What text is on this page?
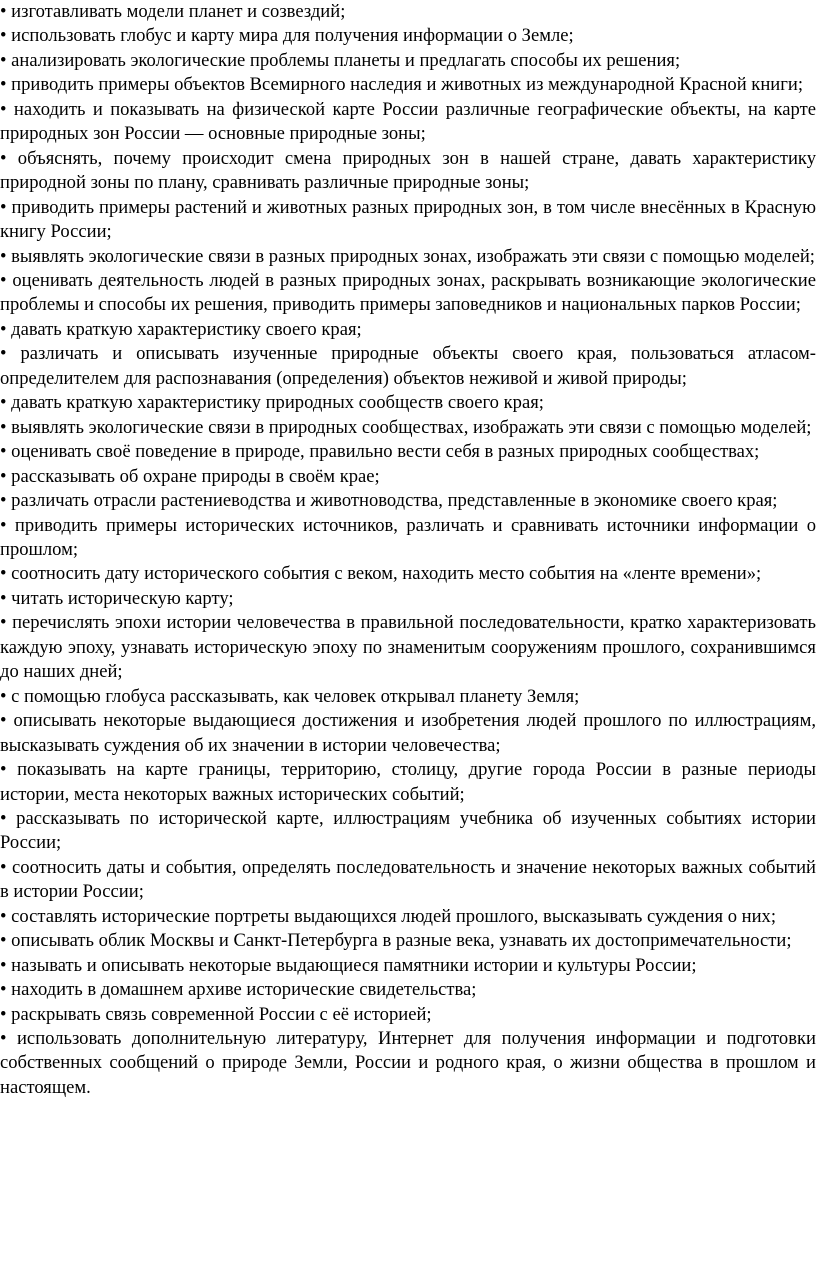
• изготавливать модели планет и созвездий;

• использовать глобус и карту мира для получения информации о Земле;

• анализировать экологические проблемы планеты и предлагать способы их решения;

• приводить примеры объектов Всемирного наследия и животных из международной Красной книги;

• находить и показывать на физической карте России различные географические объекты, на карте природных зон России — основные природные зоны;

• объяснять, почему происходит смена природных зон в нашей стране, давать характеристику природной зоны по плану, сравнивать различные природные зоны;

• приводить примеры растений и животных разных природных зон, в том числе внесённых в Красную книгу России;

• выявлять экологические связи в разных природных зонах, изображать эти связи с помощью моделей;

• оценивать деятельность людей в разных природных зонах, раскрывать возникающие экологические проблемы и способы их решения, приводить примеры заповедников и национальных парков России;

• давать краткую характеристику своего края;

• различать и описывать изученные природные объекты своего края, пользоваться атласом-определителем для распознавания (определения) объектов неживой и живой природы;

• давать краткую характеристику природных сообществ своего края;

• выявлять экологические связи в природных сообществах, изображать эти связи с помощью моделей;

• оценивать своё поведение в природе, правильно вести себя в разных природных сообществах;

• рассказывать об охране природы в своём крае;

• различать отрасли растениеводства и животноводства, представленные в экономике своего края;

• приводить примеры исторических источников, различать и сравнивать источники информации о прошлом;

• соотносить дату исторического события с веком, находить место события на «ленте времени»;

• читать историческую карту;

• перечислять эпохи истории человечества в правильной последовательности, кратко характеризовать каждую эпоху, узнавать историческую эпоху по знаменитым сооружениям прошлого, сохранившимся до наших дней;

• с помощью глобуса рассказывать, как человек открывал планету Земля;

• описывать некоторые выдающиеся достижения и изобретения людей прошлого по иллюстрациям, высказывать суждения об их значении в истории человечества;

• показывать на карте границы, территорию, столицу, другие города России в разные периоды истории, места некоторых важных исторических событий;

• рассказывать по исторической карте, иллюстрациям учебника об изученных событиях истории России;

• соотносить даты и события, определять последовательность и значение некоторых важных событий в истории России;

• составлять исторические портреты выдающихся людей прошлого, высказывать суждения о них;

• описывать облик Москвы и Санкт-Петербурга в разные века, узнавать их достопримечательности;

• называть и описывать некоторые выдающиеся памятники истории и культуры России;

• находить в домашнем архиве исторические свидетельства;

• раскрывать связь современной России с её историей;

• использовать дополнительную литературу, Интернет для получения информации и подготовки собственных сообщений о природе Земли, России и родного края, о жизни общества в прошлом и настоящем.
